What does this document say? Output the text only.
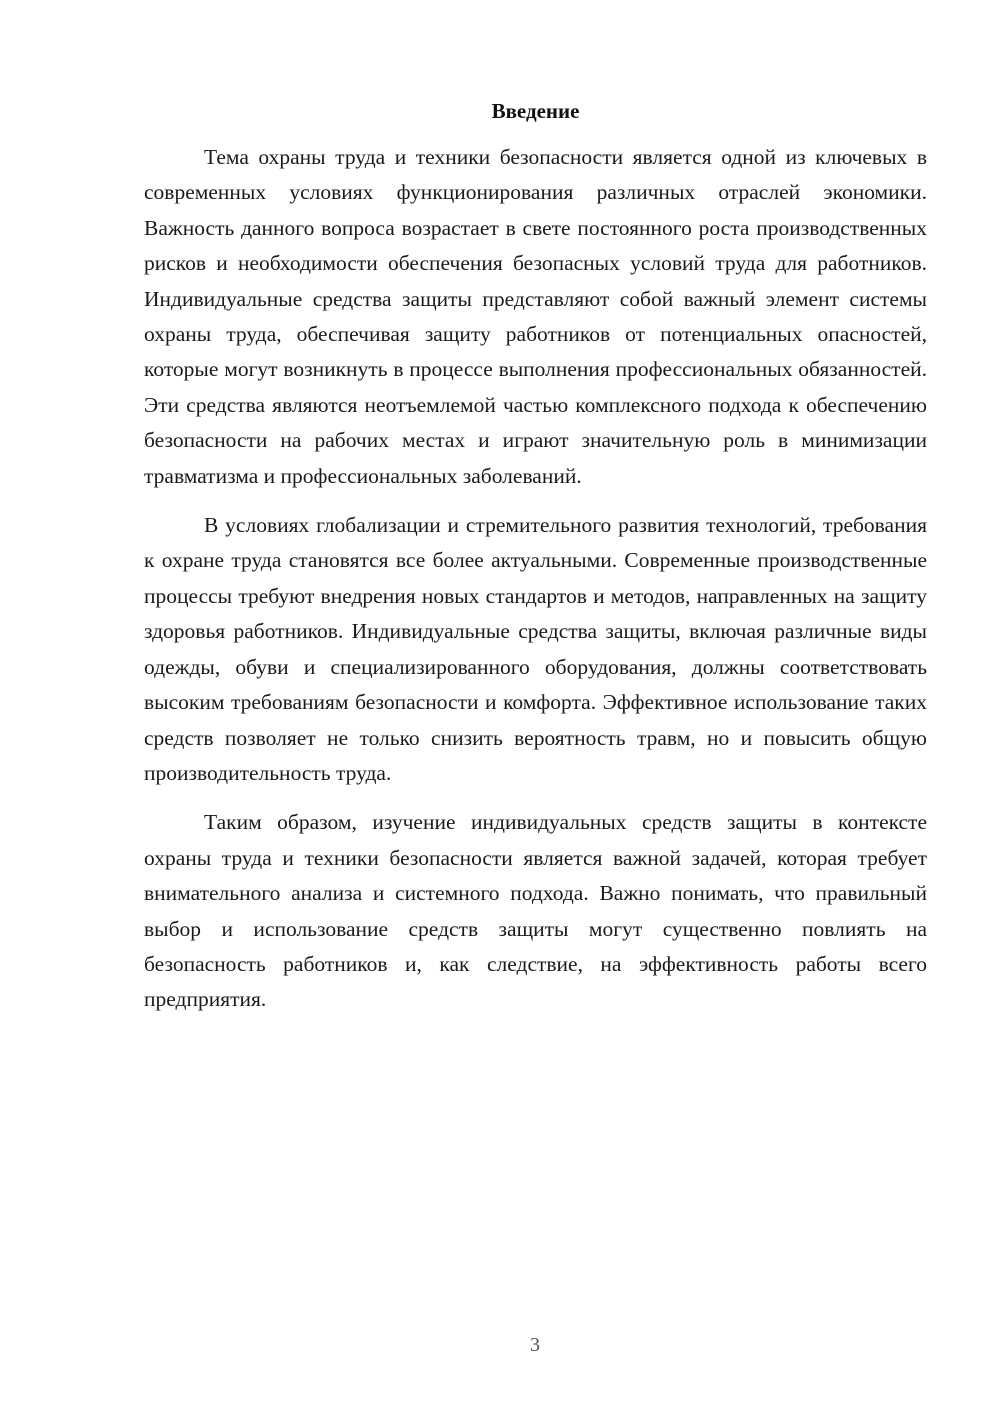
Введение

Тема охраны труда и техники безопасности является одной из ключевых в современных условиях функционирования различных отраслей экономики. Важность данного вопроса возрастает в свете постоянного роста производственных рисков и необходимости обеспечения безопасных условий труда для работников. Индивидуальные средства защиты представляют собой важный элемент системы охраны труда, обеспечивая защиту работников от потенциальных опасностей, которые могут возникнуть в процессе выполнения профессиональных обязанностей. Эти средства являются неотъемлемой частью комплексного подхода к обеспечению безопасности на рабочих местах и играют значительную роль в минимизации травматизма и профессиональных заболеваний.

В условиях глобализации и стремительного развития технологий, требования к охране труда становятся все более актуальными. Современные производственные процессы требуют внедрения новых стандартов и методов, направленных на защиту здоровья работников. Индивидуальные средства защиты, включая различные виды одежды, обуви и специализированного оборудования, должны соответствовать высоким требованиям безопасности и комфорта. Эффективное использование таких средств позволяет не только снизить вероятность травм, но и повысить общую производительность труда.

Таким образом, изучение индивидуальных средств защиты в контексте охраны труда и техники безопасности является важной задачей, которая требует внимательного анализа и системного подхода. Важно понимать, что правильный выбор и использование средств защиты могут существенно повлиять на безопасность работников и, как следствие, на эффективность работы всего предприятия.

3
